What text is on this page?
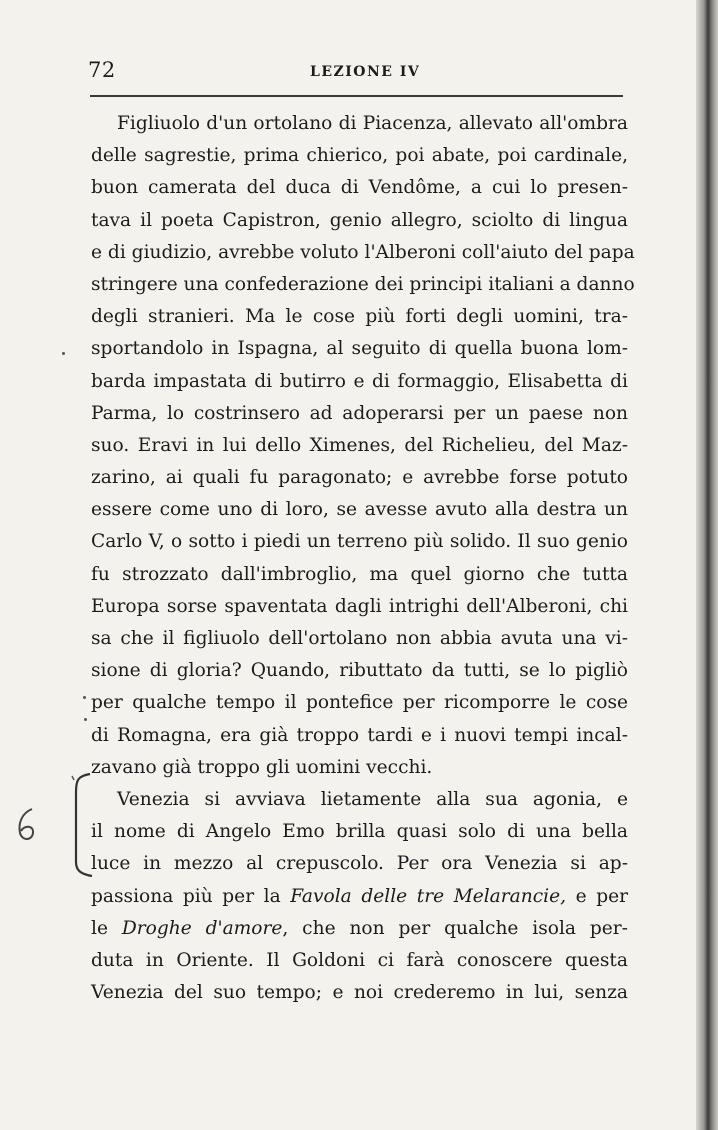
72	LEZIONE IV
Figliuolo d'un ortolano di Piacenza, allevato all'ombra
delle sagrestie, prima chierico, poi abate, poi cardinale,
buon camerata del duca di Vendôme, a cui lo presen-
tava il poeta Capistron, genio allegro, sciolto di lingua
e di giudizio, avrebbe voluto l'Alberoni coll'aiuto del papa
stringere una confederazione dei principi italiani a danno
degli stranieri. Ma le cose più forti degli uomini, tra-
sportandolo in Ispagna, al seguito di quella buona lom-
barda impastata di butirro e di formaggio, Elisabetta di
Parma, lo costrinsero ad adoperarsi per un paese non
suo. Eravi in lui dello Ximenes, del Richelieu, del Maz-
zarino, ai quali fu paragonato; e avrebbe forse potuto
essere come uno di loro, se avesse avuto alla destra un
Carlo V, o sotto i piedi un terreno più solido. Il suo genio
fu strozzato dall'imbroglio, ma quel giorno che tutta
Europa sorse spaventata dagli intrighi dell'Alberoni, chi
sa che il figliuolo dell'ortolano non abbia avuta una vi-
sione di gloria? Quando, ributtato da tutti, se lo pigliò
per qualche tempo il pontefice per ricomporre le cose
di Romagna, era già troppo tardi e i nuovi tempi incal-
zavano già troppo gli uomini vecchi.
Venezia si avviava lietamente alla sua agonia, e
il nome di Angelo Emo brilla quasi solo di una bella
luce in mezzo al crepuscolo. Per ora Venezia si ap-
passiona più per la Favola delle tre Melarancie, e per
le Droghe d'amore, che non per qualche isola per-
duta in Oriente. Il Goldoni ci farà conoscere questa
Venezia del suo tempo; e noi crederemo in lui, senza
